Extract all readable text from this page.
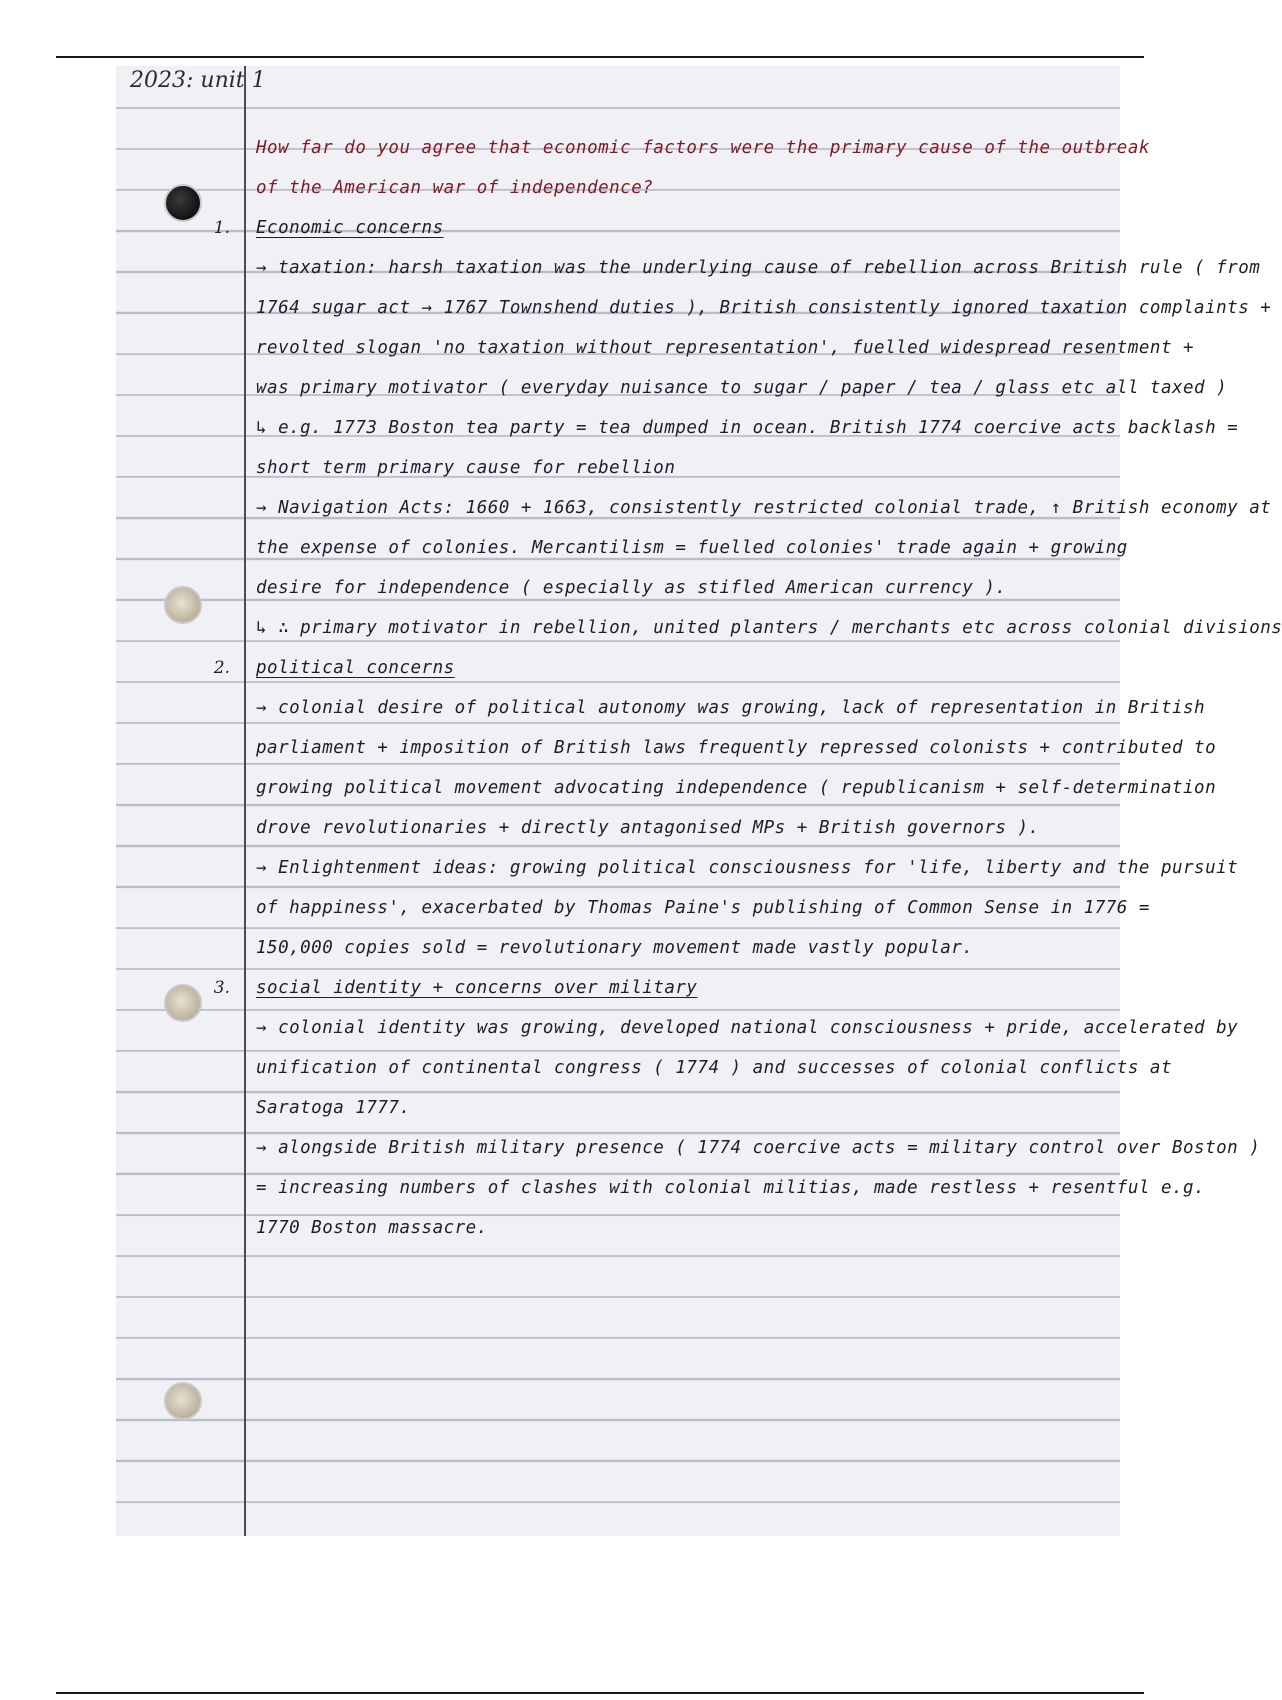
2023: unit 1
How far do you agree that economic factors were the primary cause of the outbreak
of the American war of independence?
1. Economic concerns
→ taxation: harsh taxation was the underlying cause of rebellion across British rule ( from
1764 sugar act → 1767 Townshend duties ), British consistently ignored taxation complaints +
revolted slogan 'no taxation without representation', fuelled widespread resentment +
was primary motivator ( everyday nuisance to sugar / paper / tea / glass etc all taxed )
↳ e.g. 1773 Boston tea party = tea dumped in ocean. British 1774 coercive acts backlash =
short term primary cause for rebellion
→ Navigation Acts: 1660 + 1663, consistently restricted colonial trade, ↑ British economy at
the expense of colonies. Mercantilism = fuelled colonies' trade again + growing
desire for independence ( especially as stifled American currency ).
↳ ∴ primary motivator in rebellion, united planters / merchants etc across colonial divisions
2. political concerns
→ colonial desire of political autonomy was growing, lack of representation in British
parliament + imposition of British laws frequently repressed colonists + contributed to
growing political movement advocating independence ( republicanism + self-determination
drove revolutionaries + directly antagonised MPs + British governors ).
→ Enlightenment ideas: growing political consciousness for 'life, liberty and the pursuit
of happiness', exacerbated by Thomas Paine's publishing of Common Sense in 1776 =
150,000 copies sold = revolutionary movement made vastly popular.
3. social identity + concerns over military
→ colonial identity was growing, developed national consciousness + pride, accelerated by
unification of continental congress ( 1774 ) and successes of colonial conflicts at
Saratoga 1777.
→ alongside British military presence ( 1774 coercive acts = military control over Boston )
= increasing numbers of clashes with colonial militias, made restless + resentful e.g.
1770 Boston massacre.
